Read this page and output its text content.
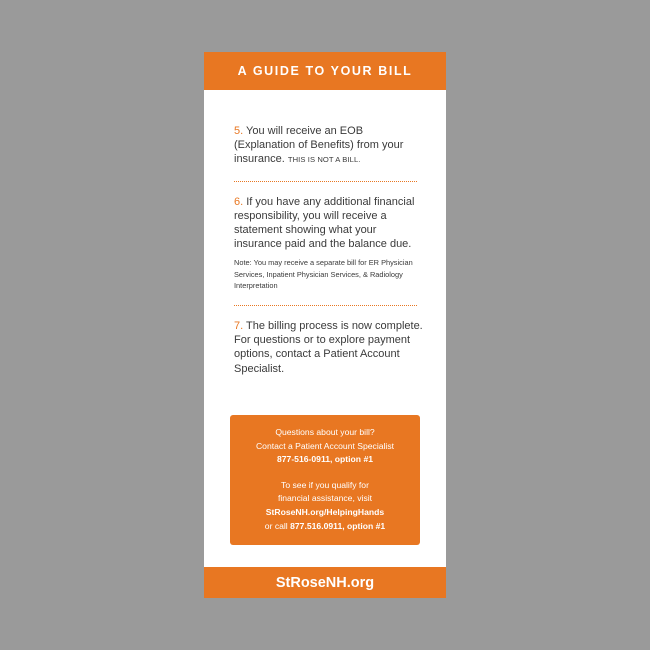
A GUIDE TO YOUR BILL
5. You will receive an EOB (Explanation of Benefits) from your insurance. THIS IS NOT A BILL.
6. If you have any additional financial responsibility, you will receive a statement showing what your insurance paid and the balance due.
Note: You may receive a separate bill for ER Physician Services, Inpatient Physician Services, & Radiology Interpretation
7. The billing process is now complete. For questions or to explore payment options, contact a Patient Account Specialist.
Questions about your bill?
Contact a Patient Account Specialist
877-516-0911, option #1
To see if you qualify for
financial assistance, visit
StRoseNH.org/HelpingHands
or call 877.516.0911, option #1
StRoseNH.org
